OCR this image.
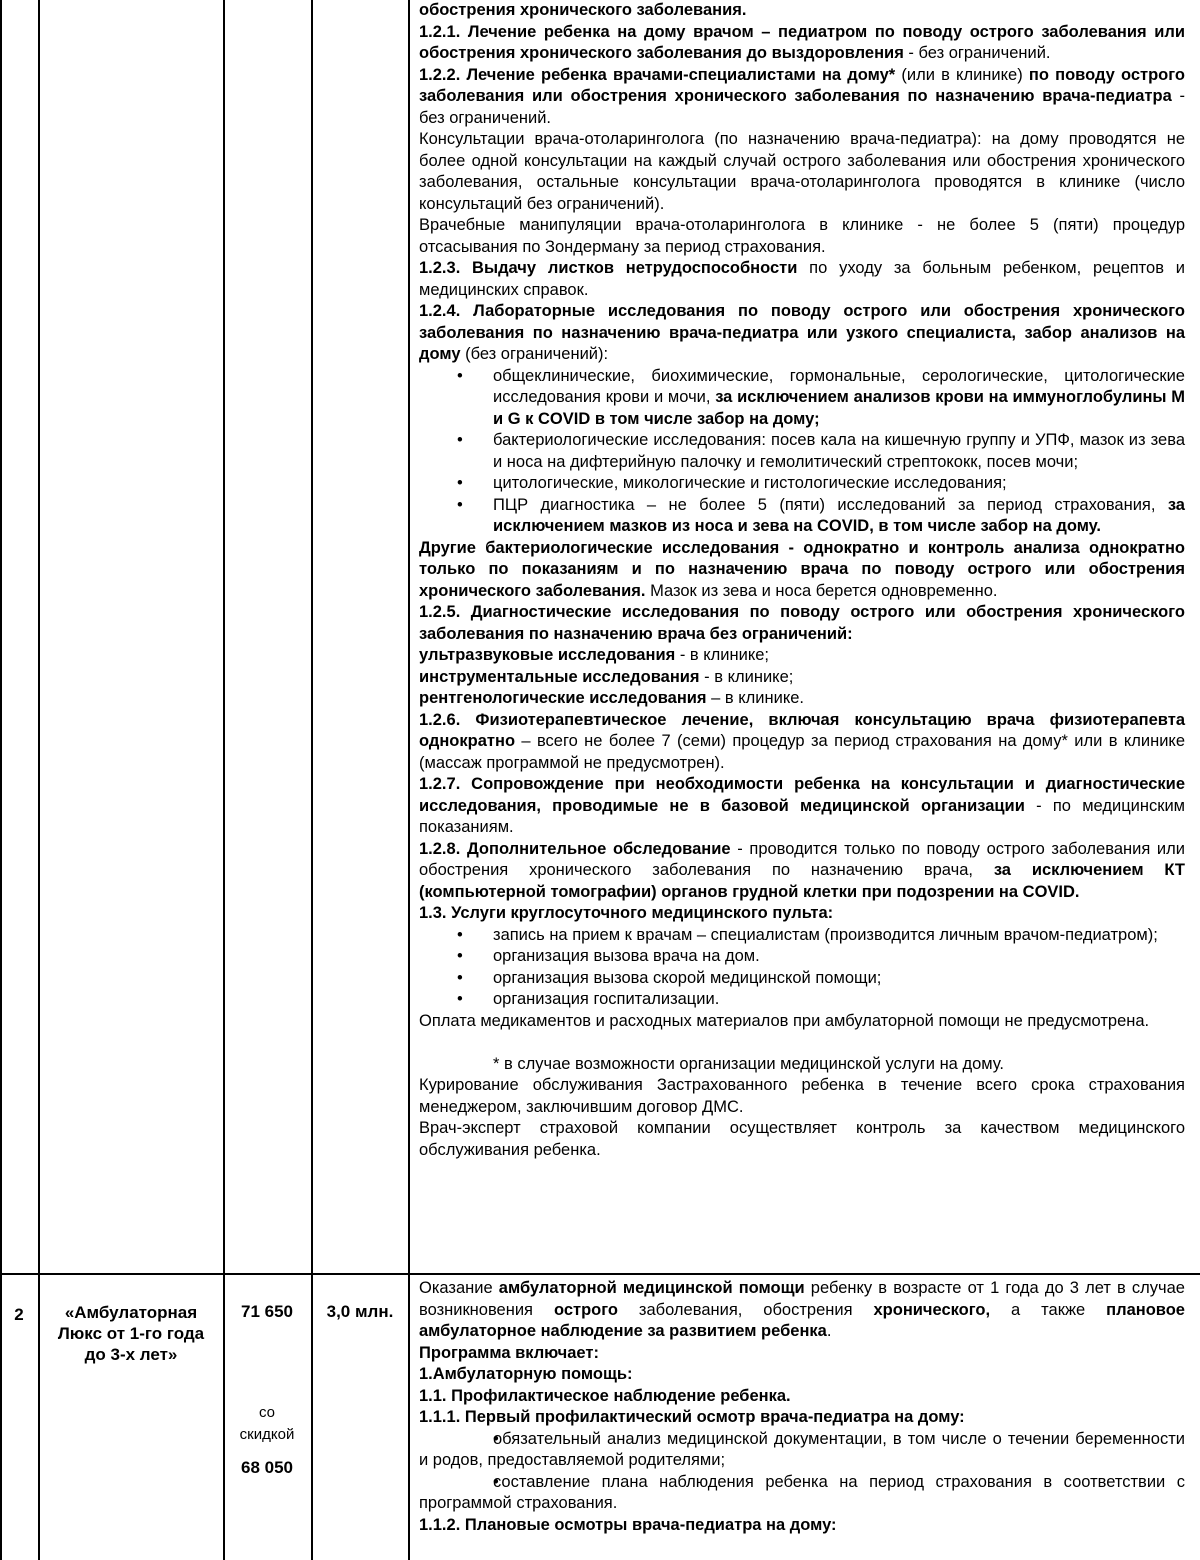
обострения хронического заболевания.

1.2.1. Лечение ребенка на дому врачом – педиатром по поводу острого заболевания или обострения хронического заболевания до выздоровления - без ограничений.

1.2.2. Лечение ребенка врачами-специалистами на дому* (или в клинике) по поводу острого заболевания или обострения хронического заболевания по назначению врача-педиатра - без ограничений.

Консультации врача-отоларинголога (по назначению врача-педиатра): на дому проводятся не более одной консультации на каждый случай острого заболевания или обострения хронического заболевания, остальные консультации врача-отоларинголога проводятся в клинике (число консультаций без ограничений).

Врачебные манипуляции врача-отоларинголога в клинике - не более 5 (пяти) процедур отсасывания по Зондерману за период страхования.

1.2.3. Выдачу листков нетрудоспособности по уходу за больным ребенком, рецептов и медицинских справок.

1.2.4. Лабораторные исследования по поводу острого или обострения хронического заболевания по назначению врача-педиатра или узкого специалиста, забор анализов на дому (без ограничений):

• общеклинические, биохимические, гормональные, серологические, цитологические исследования крови и мочи, за исключением анализов крови на иммуноглобулины M и G к COVID в том числе забор на дому;
• бактериологические исследования: посев кала на кишечную группу и УПФ, мазок из зева и носа на дифтерийную палочку и гемолитический стрептококк, посев мочи;
• цитологические, микологические и гистологические исследования;
• ПЦР диагностика – не более 5 (пяти) исследований за период страхования, за исключением мазков из носа и зева на COVID, в том числе забор на дому.

Другие бактериологические исследования - однократно и контроль анализа однократно только по показаниям и по назначению врача по поводу острого или обострения хронического заболевания. Мазок из зева и носа берется одновременно.

1.2.5. Диагностические исследования по поводу острого или обострения хронического заболевания по назначению врача без ограничений:

ультразвуковые исследования - в клинике;

инструментальные исследования - в клинике;

рентгенологические исследования – в клинике.

1.2.6. Физиотерапевтическое лечение, включая консультацию врача физиотерапевта однократно – всего не более 7 (семи) процедур за период страхования на дому* или в клинике (массаж программой не предусмотрен).

1.2.7. Сопровождение при необходимости ребенка на консультации и диагностические исследования, проводимые не в базовой медицинской организации - по медицинским показаниям.

1.2.8. Дополнительное обследование - проводится только по поводу острого заболевания или обострения хронического заболевания по назначению врача, за исключением КТ (компьютерной томографии) органов грудной клетки при подозрении на COVID.

1.3. Услуги круглосуточного медицинского пульта:

• запись на прием к врачам – специалистам (производится личным врачом-педиатром);
• организация вызова врача на дом.
• организация вызова скорой медицинской помощи;
• организация госпитализации.

Оплата медикаментов и расходных материалов при амбулаторной помощи не предусмотрена.

* в случае возможности организации медицинской услуги на дому.

Курирование обслуживания Застрахованного ребенка в течение всего срока страхования менеджером, заключившим договор ДМС.

Врач-эксперт страховой компании осуществляет контроль за качеством медицинского обслуживания ребенка.

2	«Амбулаторная Люкс от 1-го года до 3-х лет»
71 650
со скидкой
68 050
3,0 млн.

Оказание амбулаторной медицинской помощи ребенку в возрасте от 1 года до 3 лет в случае возникновения острого заболевания, обострения хронического, а также плановое амбулаторное наблюдение за развитием ребенка.

Программа включает:

1.Амбулаторную помощь:

1.1. Профилактическое наблюдение ребенка.

1.1.1. Первый профилактический осмотр врача-педиатра на дому:

• обязательный анализ медицинской документации, в том числе о течении беременности и родов, предоставляемой родителями;
• составление плана наблюдения ребенка на период страхования в соответствии с программой страхования.

1.1.2. Плановые осмотры врача-педиатра на дому:
